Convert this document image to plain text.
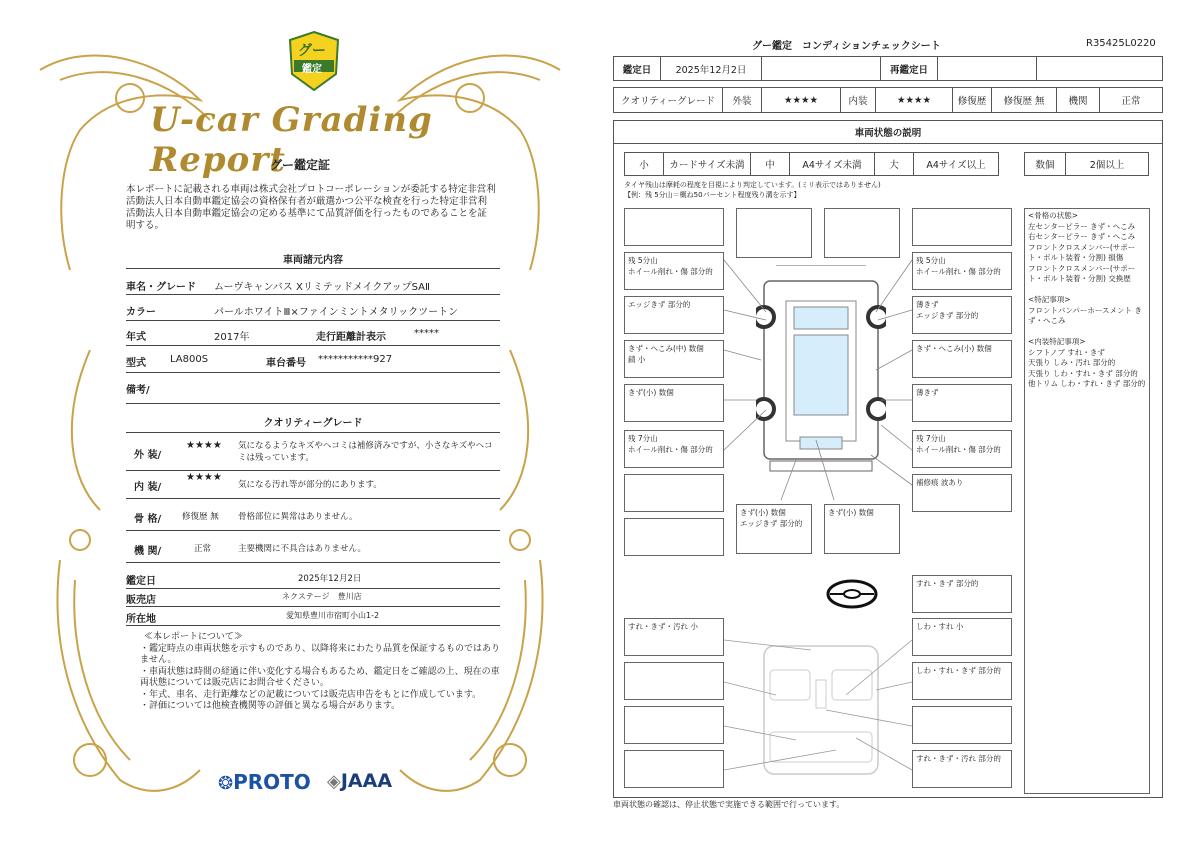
グー
鑑定
U-car Grading Report
グー鑑定証
本レポートに記載される車両は株式会社プロトコーポレーションが委託する特定非営利活動法人日本自動車鑑定協会の資格保有者が厳選かつ公平な検査を行った特定非営利活動法人日本自動車鑑定協会の定める基準にて品質評価を行ったものであることを証明する。
車両諸元内容
車名・グレード ムーヴキャンバス XリミテッドメイクアップSAⅡ
カラー	パールホワイトⅢ×ファインミントメタリックツートン
年式	2017年	走行距離計表示	*****
型式 LA800S	車台番号 ***********927
備考/
クオリティーグレード
外 装/
★★★★ 気になるようなキズやヘコミは補修済みですが、小さなキズやヘコミは残っています。
内 装/
★★★★
気になる汚れ等が部分的にあります。
骨 格/ 修復歴 無 骨格部位に異常はありません。
機 関/	正常	主要機関に不具合はありません。
鑑定日	2025年12月2日
販売店	ネクステージ　豊川店
所在地	愛知県豊川市宿町小山1-2
≪本レポートについて≫
・鑑定時点の車両状態を示すものであり、以降将来にわたり品質を保証するものではありません。
・車両状態は時間の経過に伴い変化する場合もあるため、鑑定日をご確認の上、現在の車両状態については販売店にお問合せください。
・年式、車名、走行距離などの記載については販売店申告をもとに作成しています。
・評価については他検査機関等の評価と異なる場合があります。
❂PROTO ◈JAAA
グー鑑定　コンディションチェックシート	R35425L0220
鑑定日	2025年12月2日	再鑑定日
クオリティーグレード	外装	★★★★	内装	★★★★	修復歴	修復歴 無	機関	正常
車両状態の説明
小	カードサイズ未満	中	A4サイズ未満	大	A4サイズ以上	数個	2個以上
タイヤ残山は摩耗の程度を目視により判定しています。(ミリ表示ではありません)
【例：残 5分山＝概ね50パーセント程度残り溝を示す】
残 5分山
ホイール削れ・傷 部分的
エッジきず 部分的
きず・へこみ(中) 数個
錆 小
きず(小) 数個
残 7分山
ホイール削れ・傷 部分的
残 5分山
ホイール削れ・傷 部分的
薄きず
エッジきず 部分的
きず・へこみ(小) 数個
薄きず
残 7分山
ホイール削れ・傷 部分的
補修痕 波あり
きず(小) 数個
エッジきず 部分的
きず(小) 数個
<骨格の状態>
左センターピラー きず・へこみ
右センターピラー きず・へこみ
フロントクロスメンバー(サポート・ボルト装着・分割) 損傷
フロントクロスメンバー(サポート・ボルト装着・分割) 交換歴

<特記事項>
フロントバンパーホースメント きず・へこみ

<内装特記事項>
シフトノブ すれ・きず
天張り しみ・汚れ 部分的
天張り しわ・すれ・きず 部分的
他トリム しわ・すれ・きず 部分的
すれ・きず 部分的
すれ・きず・汚れ 小	しわ・すれ 小
しわ・すれ・きず 部分的
すれ・きず・汚れ 部分的
車両状態の確認は、停止状態で実施できる範囲で行っています。
